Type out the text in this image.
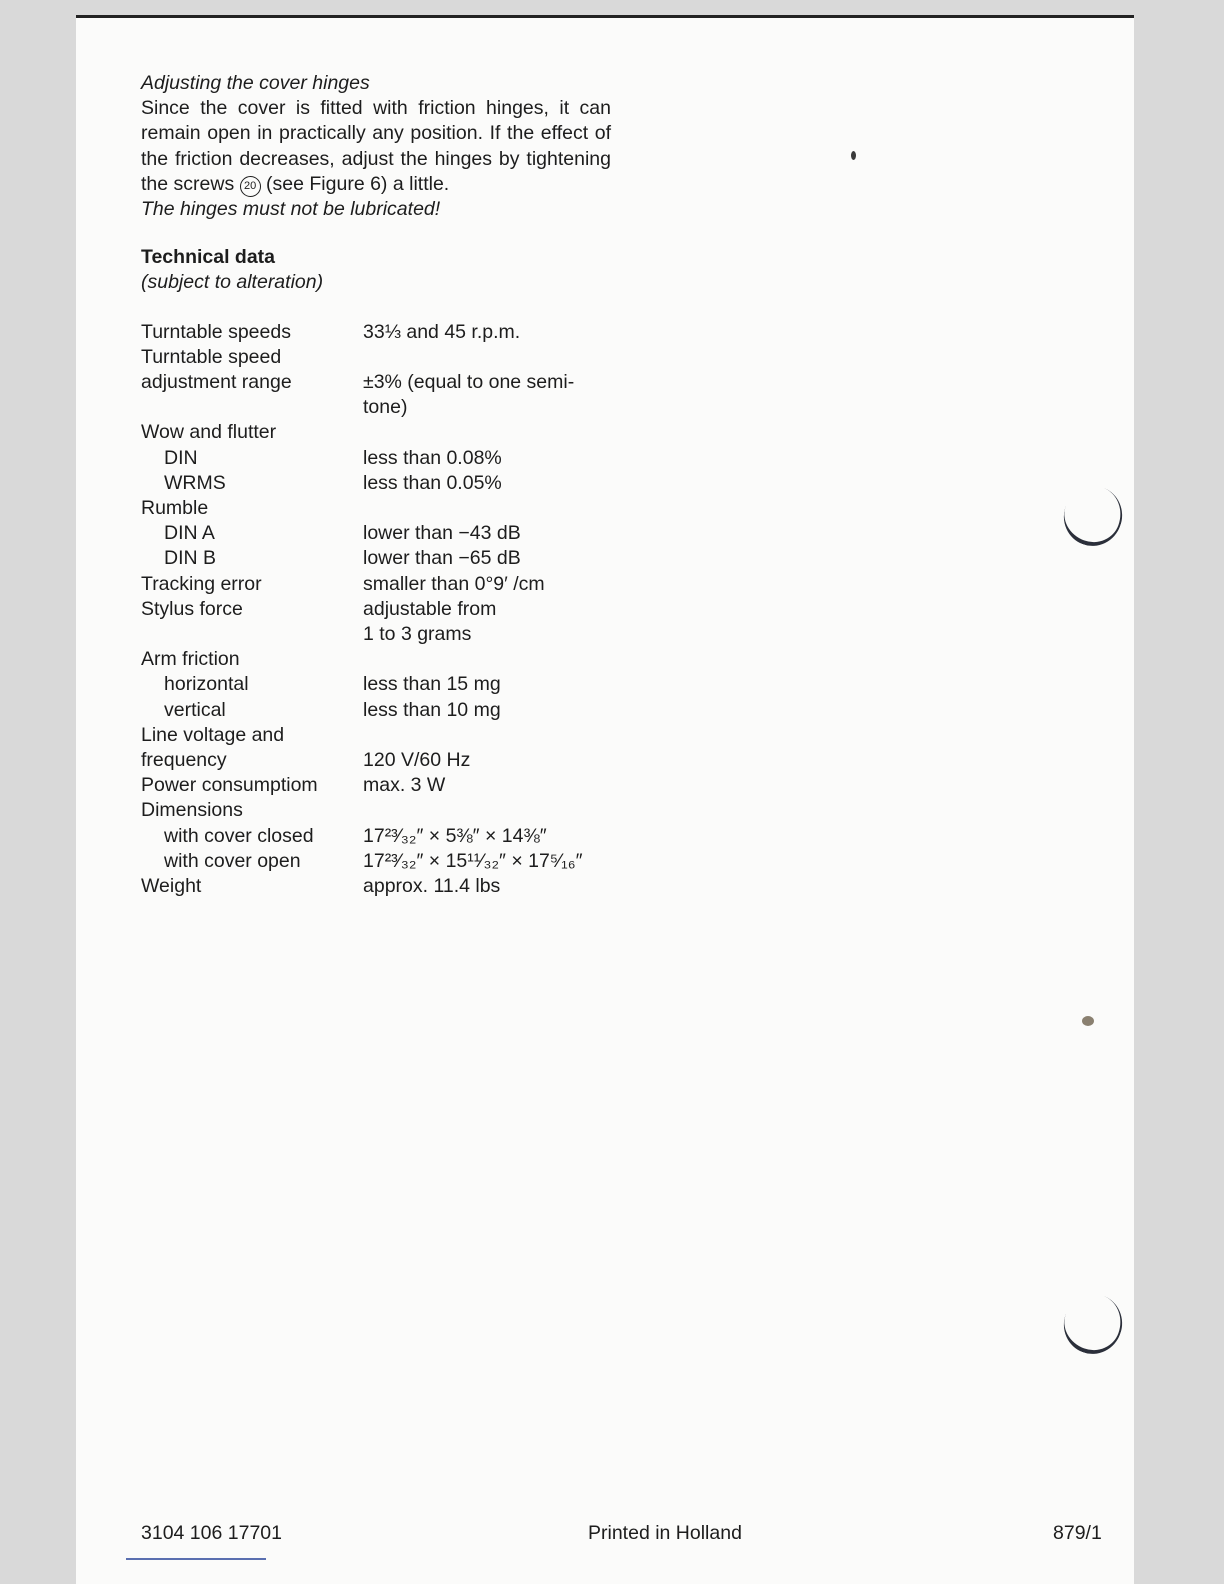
Adjusting the cover hinges
Since the cover is fitted with friction hinges, it can remain open in practically any position. If the effect of the friction decreases, adjust the hinges by tightening the screws 20 (see Figure 6) a little.
The hinges must not be lubricated!
Technical data
(subject to alteration)
Turntable speeds	33⅓ and 45 r.p.m.
Turntable speed
adjustment range	±3% (equal to one semi-
tone)
Wow and flutter
DIN	less than 0.08%
WRMS	less than 0.05%
Rumble
DIN A	lower than −43 dB
DIN B	lower than −65 dB
Tracking error	smaller than 0°9′ /cm
Stylus force	adjustable from
1 to 3 grams
Arm friction
horizontal	less than 15 mg
vertical	less than 10 mg
Line voltage and
frequency	120 V/60 Hz
Power consumptiom	max. 3 W
Dimensions
with cover closed	17²³⁄₃₂″ × 5⅜″ × 14⅜″
with cover open	17²³⁄₃₂″ × 15¹¹⁄₃₂″ × 17⁵⁄₁₆″
Weight	approx. 11.4 lbs
3104 106 17701	Printed in Holland	879/1
